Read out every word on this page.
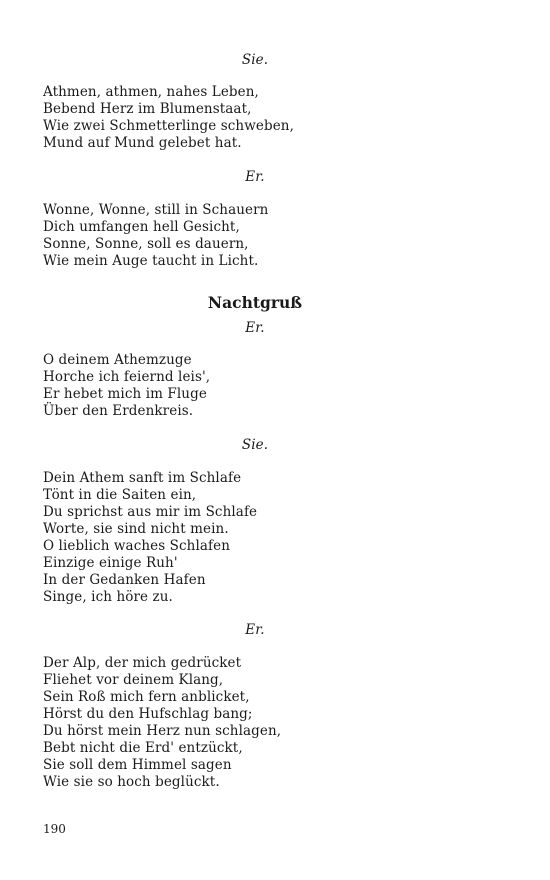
Sie.
Athmen, athmen, nahes Leben,
Bebend Herz im Blumenstaat,
Wie zwei Schmetterlinge schweben,
Mund auf Mund gelebet hat.
Er.
Wonne, Wonne, still in Schauern
Dich umfangen hell Gesicht,
Sonne, Sonne, soll es dauern,
Wie mein Auge taucht in Licht.
Nachtgruß
Er.
O deinem Athemzuge
Horche ich feiernd leis',
Er hebet mich im Fluge
Über den Erdenkreis.
Sie.
Dein Athem sanft im Schlafe
Tönt in die Saiten ein,
Du sprichst aus mir im Schlafe
Worte, sie sind nicht mein.
O lieblich waches Schlafen
Einzige einige Ruh'
In der Gedanken Hafen
Singe, ich höre zu.
Er.
Der Alp, der mich gedrücket
Fliehet vor deinem Klang,
Sein Roß mich fern anblicket,
Hörst du den Hufschlag bang;
Du hörst mein Herz nun schlagen,
Bebt nicht die Erd' entzückt,
Sie soll dem Himmel sagen
Wie sie so hoch beglückt.
190
